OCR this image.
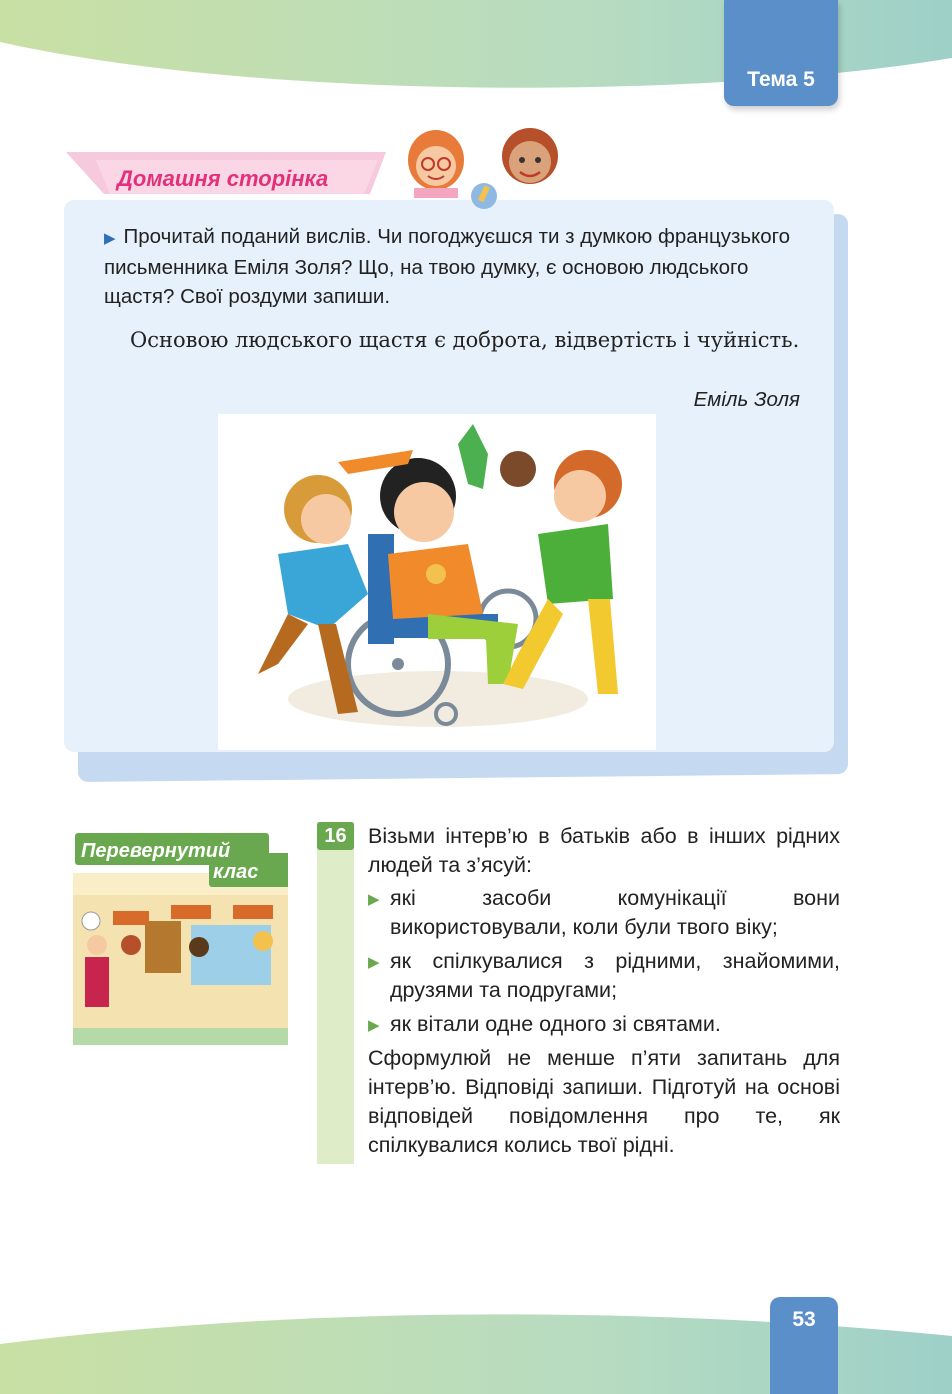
Тема 5
Домашня сторінка
▶ Прочитай поданий вислів. Чи погоджуєшся ти з думкою французького письменника Еміля Золя? Що, на твою думку, є основою людського щастя? Свої роздуми запиши.
Основою людського щастя є доброта, відвертість і чуйність.
Еміль Золя
Перевернутий
клас
16 Візьми інтерв’ю в батьків або в інших рідних людей та з’ясуй:

▶ які засоби комунікації вони використовували, коли були твого віку;
▶ як спілкувалися з рідними, знайомими, друзями та подругами;
▶ як вітали одне одного зі святами.

Сформулюй не менше п’яти запитань для інтерв’ю. Відповіді запиши. Підготуй на основі відповідей повідомлення про те, як спілкувалися колись твої рідні.

53
